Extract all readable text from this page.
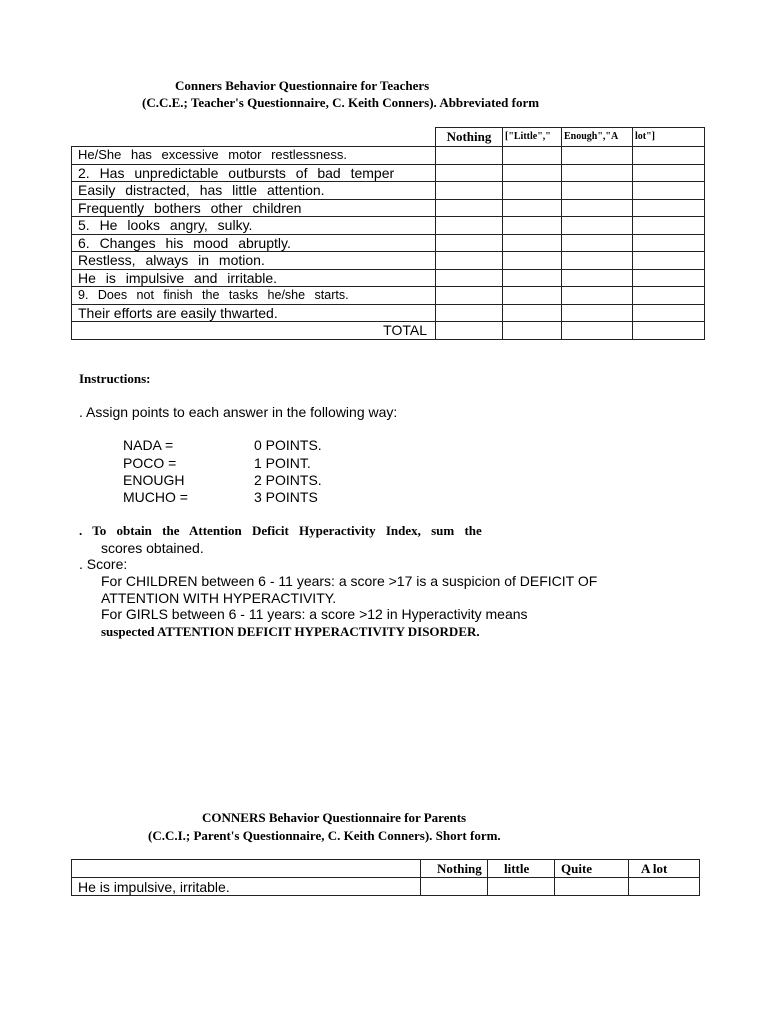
Conners Behavior Questionnaire for Teachers
(C.C.E.; Teacher's Questionnaire, C. Keith Conners). Abbreviated form
	Nothing	["Little","	Enough","A	lot"]
He/She has excessive motor restlessness.				
2. Has unpredictable outbursts of bad temper				
Easily distracted, has little attention.				
Frequently bothers other children				
5. He looks angry, sulky.				
6. Changes his mood abruptly.				
Restless, always in motion.				
He is impulsive and irritable.				
9. Does not finish the tasks he/she starts.				
Their efforts are easily thwarted.				
TOTAL				
Instructions:
. Assign points to each answer in the following way:
NADA =	0 POINTS.
POCO =	1 POINT.
ENOUGH	2 POINTS.
MUCHO =	3 POINTS
. To obtain the Attention Deficit Hyperactivity Index, sum the
scores obtained.
. Score:
For CHILDREN between 6 - 11 years: a score >17 is a suspicion of DEFICIT OF
ATTENTION WITH HYPERACTIVITY.
For GIRLS between 6 - 11 years: a score >12 in Hyperactivity means
suspected ATTENTION DEFICIT HYPERACTIVITY DISORDER.
CONNERS Behavior Questionnaire for Parents
(C.C.I.; Parent's Questionnaire, C. Keith Conners). Short form.
	Nothing	little	Quite	A lot
He is impulsive, irritable.				
